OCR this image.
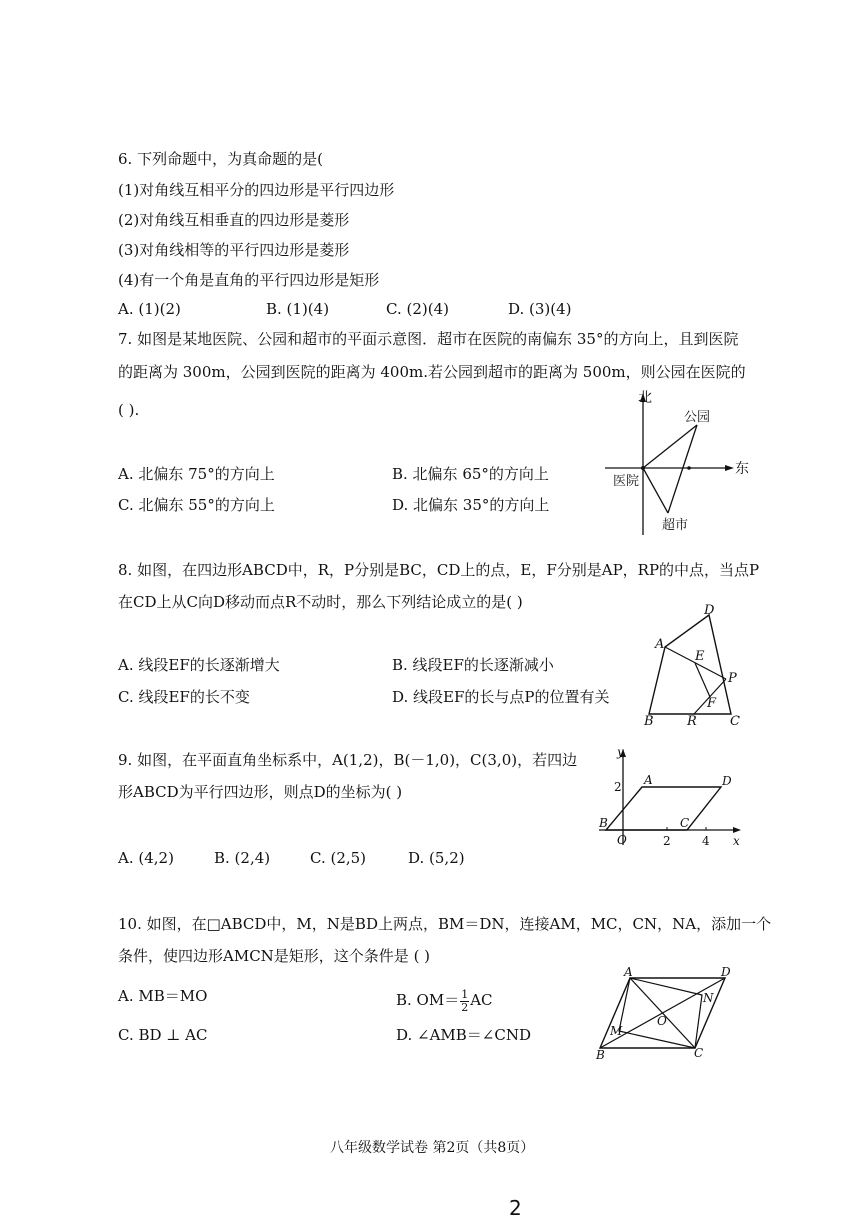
6. 下列命题中，为真命题的是(
(1)对角线互相平分的四边形是平行四边形
(2)对角线互相垂直的四边形是菱形
(3)对角线相等的平行四边形是菱形
(4)有一个角是直角的平行四边形是矩形
A. (1)(2)	B. (1)(4)	C. (2)(4)	D. (3)(4)
7. 如图是某地医院、公园和超市的平面示意图．超市在医院的南偏东 35°的方向上，且到医院
的距离为 300m，公园到医院的距离为 400m.若公园到超市的距离为 500m，则公园在医院的
( ).
A. 北偏东 75°的方向上	B. 北偏东 65°的方向上
C. 北偏东 55°的方向上	D. 北偏东 35°的方向上
北
东
公园
医院
超市
8. 如图，在四边形ABCD中，R，P分别是BC，CD上的点，E，F分别是AP，RP的中点，当点P
在CD上从C向D移动而点R不动时，那么下列结论成立的是( )
A. 线段EF的长逐渐增大	B. 线段EF的长逐渐减小
C. 线段EF的长不变	D. 线段EF的长与点P的位置有关
D
A
E
P
F
B	R	C
9. 如图，在平面直角坐标系中，A(1,2)，B(－1,0)，C(3,0)，若四边
形ABCD为平行四边形，则点D的坐标为( )
A. (4,2)	B. (2,4)	C. (2,5)	D. (5,2)
y
x
2
2	4
O
A	D
B	C
10. 如图，在□ABCD中，M，N是BD上两点，BM＝DN，连接AM，MC，CN，NA，添加一个
条件，使四边形AMCN是矩形，这个条件是 ( )
A. MB＝MO	B. $OM= \frac{1}{2}$ AC
C. BD ⊥ AC	D. ∠AMB＝∠CND
A	D
N
O
M
B	C
八年级数学试卷 第2页（共8页）
2
